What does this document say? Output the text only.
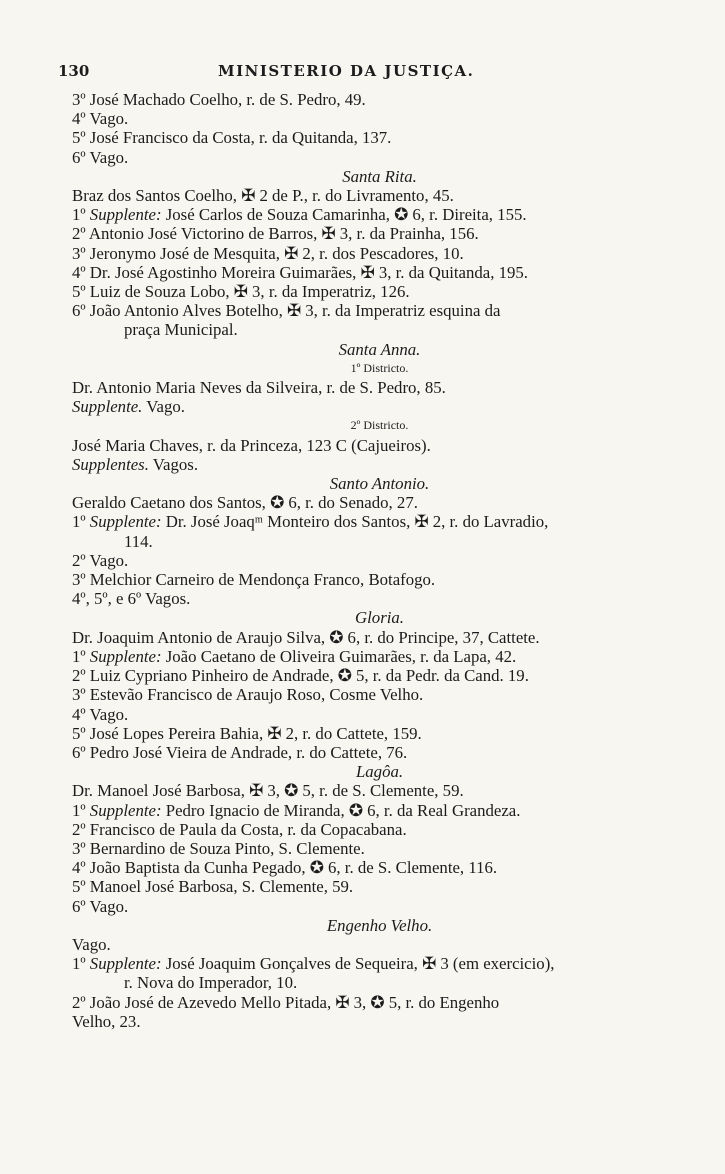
130	MINISTERIO DA JUSTIÇA.
3º José Machado Coelho, r. de S. Pedro, 49.
4º Vago.
5º José Francisco da Costa, r. da Quitanda, 137.
6º Vago.
Santa Rita.
Braz dos Santos Coelho, ✠ 2 de P., r. do Livramento, 45.
1º Supplente: José Carlos de Souza Camarinha, ✪ 6, r. Direita, 155.
2º Antonio José Victorino de Barros, ✠ 3, r. da Prainha, 156.
3º Jeronymo José de Mesquita, ✠ 2, r. dos Pescadores, 10.
4º Dr. José Agostinho Moreira Guimarães, ✠ 3, r. da Quitanda, 195.
5º Luiz de Souza Lobo, ✠ 3, r. da Imperatriz, 126.
6º João Antonio Alves Botelho, ✠ 3, r. da Imperatriz esquina da
praça Municipal.
Santa Anna.
1º Districto.
Dr. Antonio Maria Neves da Silveira, r. de S. Pedro, 85.
Supplente. Vago.
2º Districto.
José Maria Chaves, r. da Princeza, 123 C (Cajueiros).
Supplentes. Vagos.
Santo Antonio.
Geraldo Caetano dos Santos, ✪ 6, r. do Senado, 27.
1º Supplente: Dr. José Joaqᵐ Monteiro dos Santos, ✠ 2, r. do Lavradio,
114.
2º Vago.
3º Melchior Carneiro de Mendonça Franco, Botafogo.
4º, 5º, e 6º Vagos.
Gloria.
Dr. Joaquim Antonio de Araujo Silva, ✪ 6, r. do Principe, 37, Cattete.
1º Supplente: João Caetano de Oliveira Guimarães, r. da Lapa, 42.
2º Luiz Cypriano Pinheiro de Andrade, ✪ 5, r. da Pedr. da Cand. 19.
3º Estevão Francisco de Araujo Roso, Cosme Velho.
4º Vago.
5º José Lopes Pereira Bahia, ✠ 2, r. do Cattete, 159.
6º Pedro José Vieira de Andrade, r. do Cattete, 76.
Lagôa.
Dr. Manoel José Barbosa, ✠ 3, ✪ 5, r. de S. Clemente, 59.
1º Supplente: Pedro Ignacio de Miranda, ✪ 6, r. da Real Grandeza.
2º Francisco de Paula da Costa, r. da Copacabana.
3º Bernardino de Souza Pinto, S. Clemente.
4º João Baptista da Cunha Pegado, ✪ 6, r. de S. Clemente, 116.
5º Manoel José Barbosa, S. Clemente, 59.
6º Vago.
Engenho Velho.
Vago.
1º Supplente: José Joaquim Gonçalves de Sequeira, ✠ 3 (em exercicio),
r. Nova do Imperador, 10.
2º João José de Azevedo Mello Pitada, ✠ 3, ✪ 5, r. do Engenho
Velho, 23.
